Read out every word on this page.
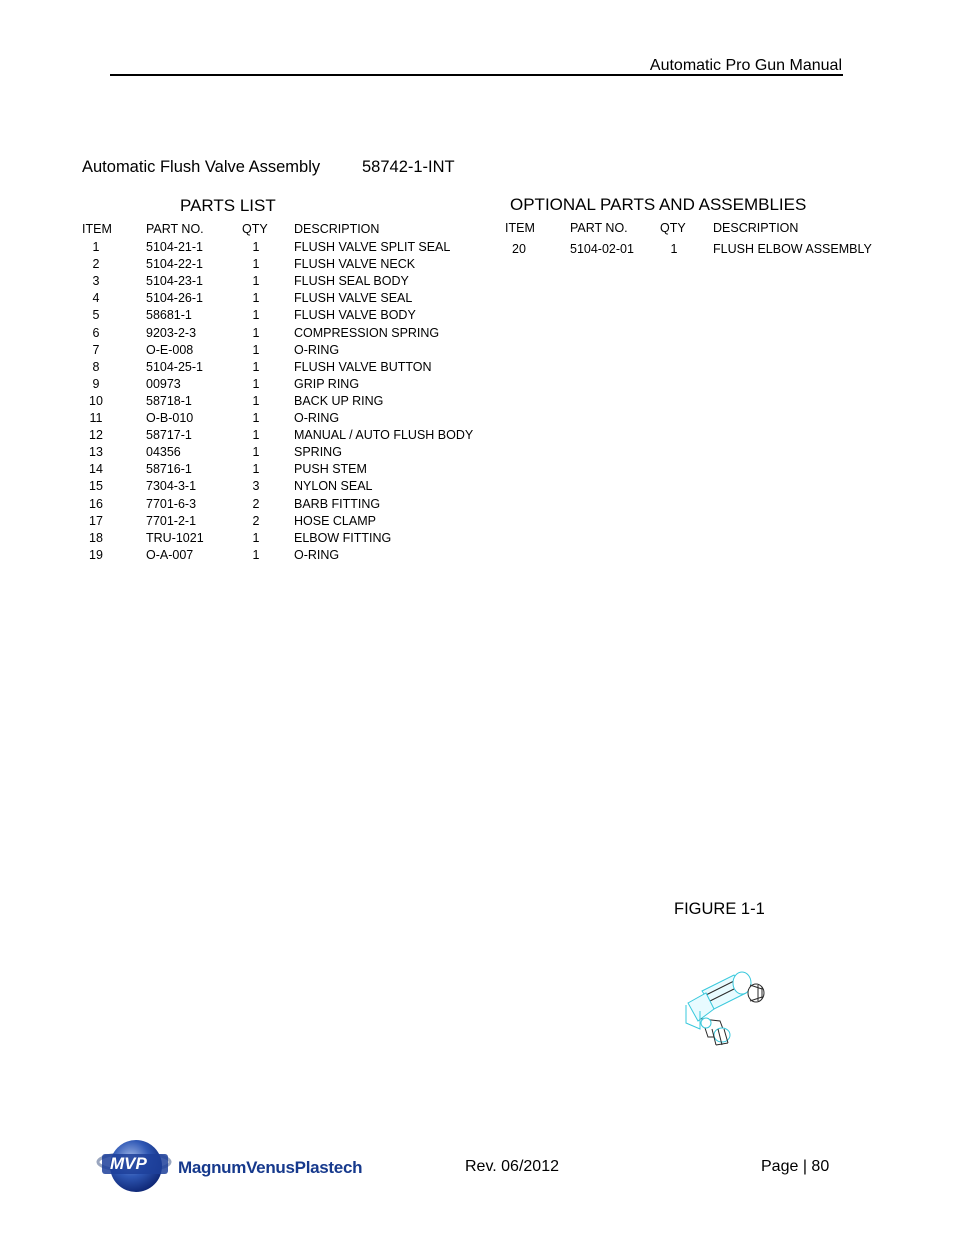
Automatic Pro Gun Manual
Automatic Flush Valve Assembly	58742-1-INT
PARTS LIST	OPTIONAL PARTS AND ASSEMBLIES
ITEM	PART NO.	QTY DESCRIPTION
1	5104-21-1	1	FLUSH VALVE SPLIT SEAL
2	5104-22-1	1	FLUSH VALVE NECK
3	5104-23-1	1	FLUSH SEAL BODY
4	5104-26-1	1	FLUSH VALVE SEAL
5	58681-1	1	FLUSH VALVE BODY
6	9203-2-3	1	COMPRESSION SPRING
7	O-E-008	1	O-RING
8	5104-25-1	1	FLUSH VALVE BUTTON
9	00973	1	GRIP RING
10	58718-1	1	BACK UP RING
11	O-B-010	1	O-RING
12	58717-1	1	MANUAL / AUTO FLUSH BODY
13	04356	1	SPRING
14	58716-1	1	PUSH STEM
15	7304-3-1	3	NYLON SEAL
16	7701-6-3	2	BARB FITTING
17	7701-2-1	2	HOSE CLAMP
18	TRU-1021	1	ELBOW FITTING
19	O-A-007	1	O-RING
ITEM	PART NO.	QTY DESCRIPTION
20	5104-02-01	1	FLUSH ELBOW ASSEMBLY
FIGURE 1-1
MVP MagnumVenusPlastech	Rev. 06/2012	Page | 80
